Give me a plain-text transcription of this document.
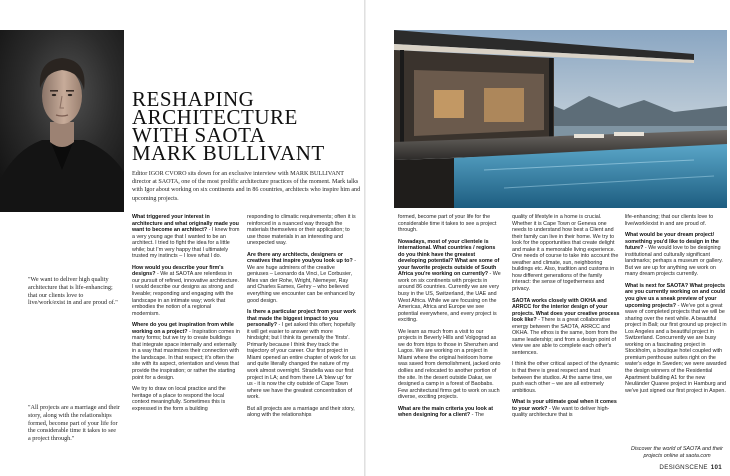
RESHAPING
ARCHITECTURE
WITH SAOTA
MARK BULLIVANT
Editor IGOR CVORO sits down for an exclusive interview with MARK BULLIVANT director at SAOTA, one of the most prolific architecture practices of the moment. Mark talks with Igor about working on six continents and in 86 countries, architects who inspire him and upcoming projects.
"We want to deliver high quality architecture that is life-enhancing; that our clients love to live/work/exist in and are proud of."
"All projects are a marriage and their story, along with the relationships formed, become part of your life for the considerable time it takes to see a project through."

What triggered your interest in architecture and what originally made you want to become an architect? - I knew from a very young age that I wanted to be an architect. I tried to fight the idea for a little while; but I'm very happy that I ultimately trusted my instincts – I love what I do.

How would you describe your firm's designs? - We at SAOTA are relentless in our pursuit of refined, innovative architecture. I would describe our designs as strong and liveable; responding and engaging with the landscape in an intimate way; work that embodies the notion of a regional modernism.

Where do you get inspiration from while working on a project? - Inspiration comes in many forms; but we try to create buildings that integrate space internally and externally in a way that maximizes their connection with the landscape. In that respect; it's often the site with its aspect, orientation and views that provide the inspiration; or rather the starting point for a design.

We try to draw on local practice and the heritage of a place to respond the local context meaningfully. Sometimes this is expressed in the form a building

responding to climatic requirements; often it is reinforced in a nuanced way through the materials themselves or their application; to use those materials in an interesting and unexpected way.

Are there any architects, designers or creatives that inspire you/you look up to? - We are huge admirers of the creative geniuses – Leonardo da Vinci, Le Corbusier, Mies van der Rohe, Wright, Niemeyer, Ray and Charles Eames, Gehry – who believed everything we encounter can be enhanced by good design.

Is there a particular project from your work that made the biggest impact to you personally? - I get asked this often; hopefully it will get easier to answer with more hindsight; but I think its generally the 'firsts'. Primarily because I think they track the trajectory of your career. Our first project in Miami opened an entire chapter of work for us and quite literally changed the nature of my work almost overnight. Stradella was our first project in LA; and from there LA 'blew up' for us - it is now the city outside of Cape Town where we have the greatest concentration of work.

But all projects are a marriage and their story, along with the relationships

formed, become part of your life for the considerable time it takes to see a project through.

Nowadays, most of your clientele is international. What countries / regions do you think have the greatest developing potential? What are some of your favorite projects outside of South Africa you're working on currently? - We work on six continents with projects in around 86 countries. Currently we are very busy in the US, Switzerland, the UAE and West Africa. While we are focusing on the Americas, Africa and Europe we see potential everywhere, and every project is exciting.

We learn as much from a visit to our projects in Beverly Hills and Volgograd as we do from trips to those in Shenzhen and Lagos. We are working on a project in Miami where the original heirloom home was saved from demolishment, jacked onto dollies and relocated to another portion of the site. In the desert outside Dakar, we designed a camp in a forest of Baobabs. Few architectural firms get to work on such diverse, exciting projects.

What are the main criteria you look at when designing for a client? - The

quality of lifestyle in a home is crucial. Whether it is Cape Town or Geneva one needs to understand how best a Client and their family can live in their home. We try to look for the opportunities that create delight and make it a memorable living experience. One needs of course to take into account the weather and climate, sun, neighboring buildings etc. Also, tradition and customs in how different generations of the family interact: the sense of togetherness and privacy.

SAOTA works closely with OKHA and ARRCC for the interior design of your projects. What does your creative process look like? - There is a great collaborative energy between the SAOTA, ARRCC and OKHA. The ethos is the same, born from the same leadership; and from a design point of view we are able to complete each other's sentences.

I think the other critical aspect of the dynamic is that there is great respect and trust between the studios. At the same time, we push each other – we are all extremely ambitious.

What is your ultimate goal when it comes to your work? - We want to deliver high-quality architecture that is

life-enhancing; that our clients love to live/work/exist in and are proud of.

What would be your dream project/ something you'd like to design in the future? - We would love to be designing institutional and culturally significant landmarks; perhaps a museum or gallery. But we are up for anything we work on many dream projects currently.

What is next for SAOTA? What projects are you currently working on and could you give us a sneak preview of your upcoming projects? - We've got a great wave of completed projects that we will be sharing over the next while. A beautiful project in Bali; our first ground up project in Los Angeles and a beautiful project in Switzerland. Concurrently we are busy working on a fascinating project in Stockholm, a boutique hotel coupled with premium penthouse suites right on the water's edge in Sweden; we were awarded the design winners of the Residential Apartment building A1 for the new Neuländer Quaree project in Hamburg and we've just signed our first project in Aspen.

Discover the world of SAOTA and their projects online at saota.com
DESIGNSCENE 101
